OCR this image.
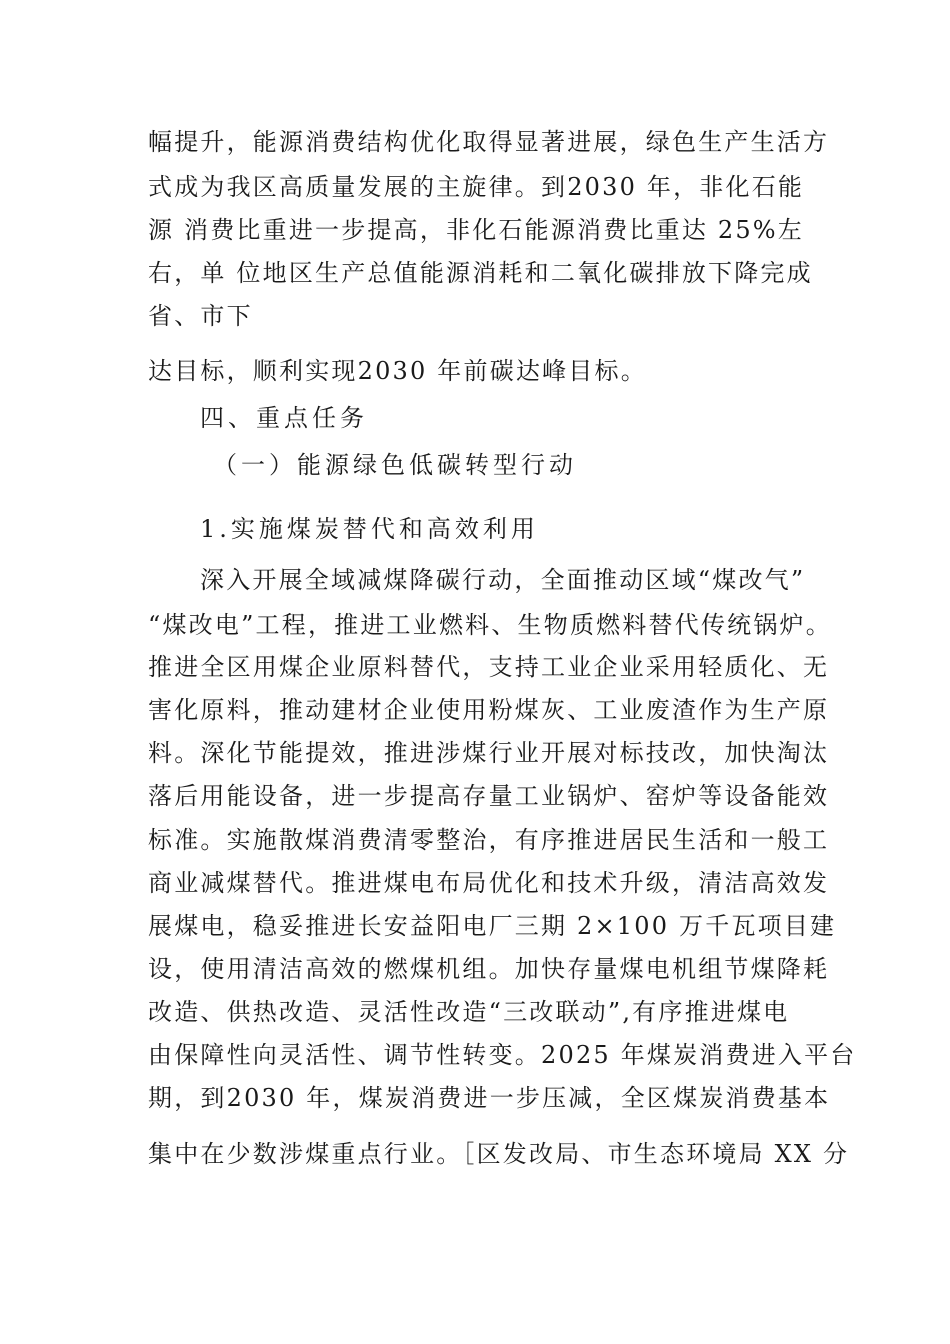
幅提升，能源消费结构优化取得显著进展，绿色生产生活方
式成为我区高质量发展的主旋律。到2030 年，非化石能
源 消费比重进一步提高，非化石能源消费比重达 25%左
右，单 位地区生产总值能源消耗和二氧化碳排放下降完成
省、市下
达目标，顺利实现2030 年前碳达峰目标。
四、重点任务
（一）能源绿色低碳转型行动
1.实施煤炭替代和高效利用
深入开展全域减煤降碳行动，全面推动区域“煤改气”
“煤改电”工程，推进工业燃料、生物质燃料替代传统锅炉。
推进全区用煤企业原料替代，支持工业企业采用轻质化、无
害化原料，推动建材企业使用粉煤灰、工业废渣作为生产原
料。深化节能提效，推进涉煤行业开展对标技改，加快淘汰
落后用能设备，进一步提高存量工业锅炉、窑炉等设备能效
标准。实施散煤消费清零整治，有序推进居民生活和一般工
商业减煤替代。推进煤电布局优化和技术升级，清洁高效发
展煤电，稳妥推进长安益阳电厂三期 2×100 万千瓦项目建
设，使用清洁高效的燃煤机组。加快存量煤电机组节煤降耗
改造、供热改造、灵活性改造“三改联动”,有序推进煤电
由保障性向灵活性、调节性转变。2025 年煤炭消费进入平台
期，到2030 年，煤炭消费进一步压减，全区煤炭消费基本
集中在少数涉煤重点行业。［区发改局、市生态环境局 XX 分
